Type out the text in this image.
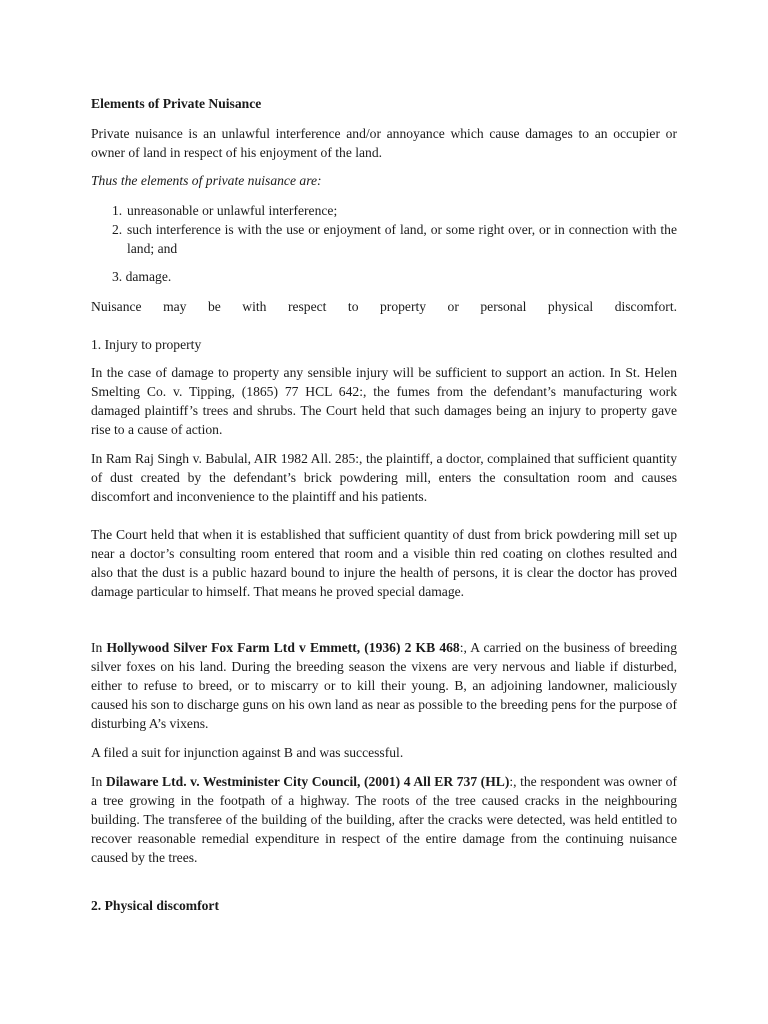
Elements of Private Nuisance

Private nuisance is an unlawful interference and/or annoyance which cause damages to an occupier or owner of land in respect of his enjoyment of the land.

Thus the elements of private nuisance are:

1. unreasonable or unlawful interference;
2. such interference is with the use or enjoyment of land, or some right over, or in connection with the land; and

3. damage.

Nuisance may be with respect to property or personal physical discomfort.

1. Injury to property

In the case of damage to property any sensible injury will be sufficient to support an action. In St. Helen Smelting Co. v. Tipping, (1865) 77 HCL 642:, the fumes from the defendant’s manufacturing work damaged plaintiff’s trees and shrubs. The Court held that such damages being an injury to property gave rise to a cause of action.

In Ram Raj Singh v. Babulal, AIR 1982 All. 285:, the plaintiff, a doctor, complained that sufficient quantity of dust created by the defendant’s brick powdering mill, enters the consultation room and causes discomfort and inconvenience to the plaintiff and his patients.

The Court held that when it is established that sufficient quantity of dust from brick powdering mill set up near a doctor’s consulting room entered that room and a visible thin red coating on clothes resulted and also that the dust is a public hazard bound to injure the health of persons, it is clear the doctor has proved damage particular to himself. That means he proved special damage.

In Hollywood Silver Fox Farm Ltd v Emmett, (1936) 2 KB 468:, A carried on the business of breeding silver foxes on his land. During the breeding season the vixens are very nervous and liable if disturbed, either to refuse to breed, or to miscarry or to kill their young. B, an adjoining landowner, maliciously caused his son to discharge guns on his own land as near as possible to the breeding pens for the purpose of disturbing A’s vixens.

A filed a suit for injunction against B and was successful.

In Dilaware Ltd. v. Westminister City Council, (2001) 4 All ER 737 (HL):, the respondent was owner of a tree growing in the footpath of a highway. The roots of the tree caused cracks in the neighbouring building. The transferee of the building of the building, after the cracks were detected, was held entitled to recover reasonable remedial expenditure in respect of the entire damage from the continuing nuisance caused by the trees.

2. Physical discomfort
